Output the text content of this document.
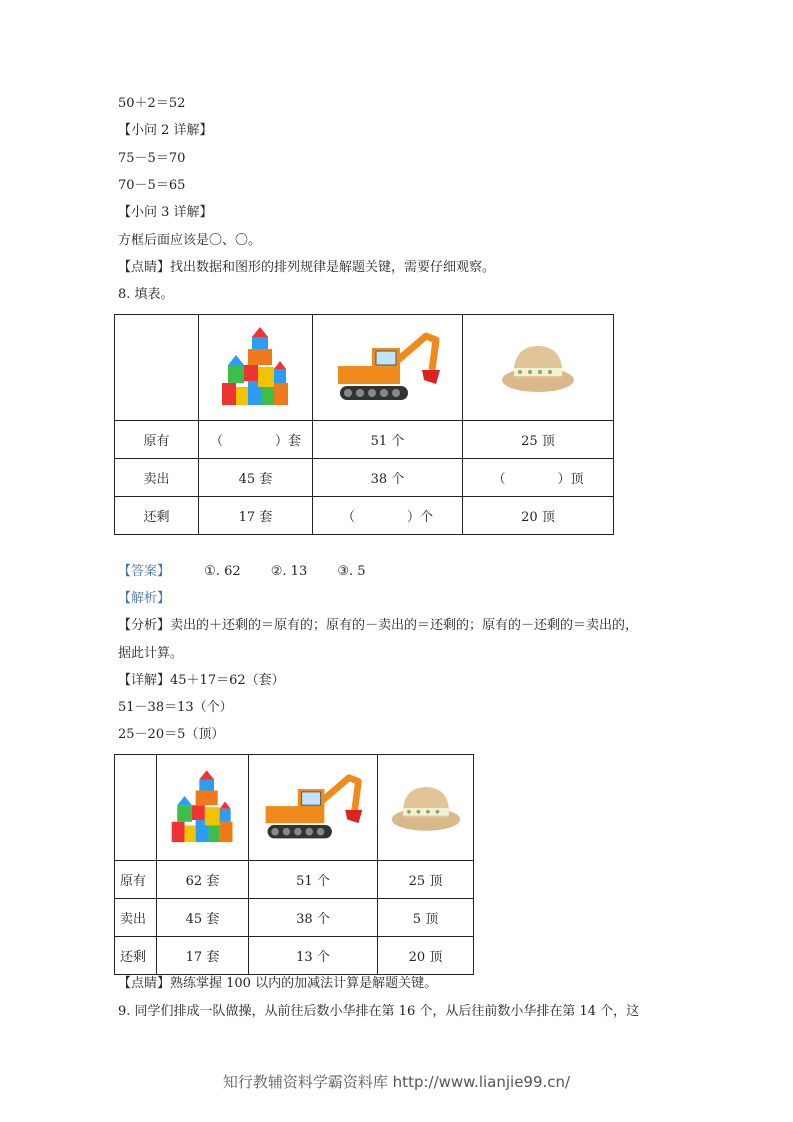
50＋2＝52
【小问 2 详解】
75－5＝70
70－5＝65
【小问 3 详解】
方框后面应该是〇、〇。
【点睛】找出数据和图形的排列规律是解题关键，需要仔细观察。
8. 填表。

原有	（　　　　）套	51 个	25 顶
卖出	45 套	38 个	（　　　　）顶
还剩	17 套	（　　　　）个	20 顶
【答案】	①. 62 ②. 13 ③. 5
【解析】
【分析】卖出的＋还剩的＝原有的；原有的－卖出的＝还剩的；原有的－还剩的＝卖出的，
据此计算。
【详解】45＋17＝62（套）
51－38＝13（个）
25－20＝5（顶）

原有	62 套	51 个	25 顶
卖出	45 套	38 个	5 顶
还剩	17 套	13 个	20 顶
【点睛】熟练掌握 100 以内的加减法计算是解题关键。
9. 同学们排成一队做操，从前往后数小华排在第 16 个，从后往前数小华排在第 14 个，这
知行教辅资料学霸资料库 http://www.lianjie99.cn/
